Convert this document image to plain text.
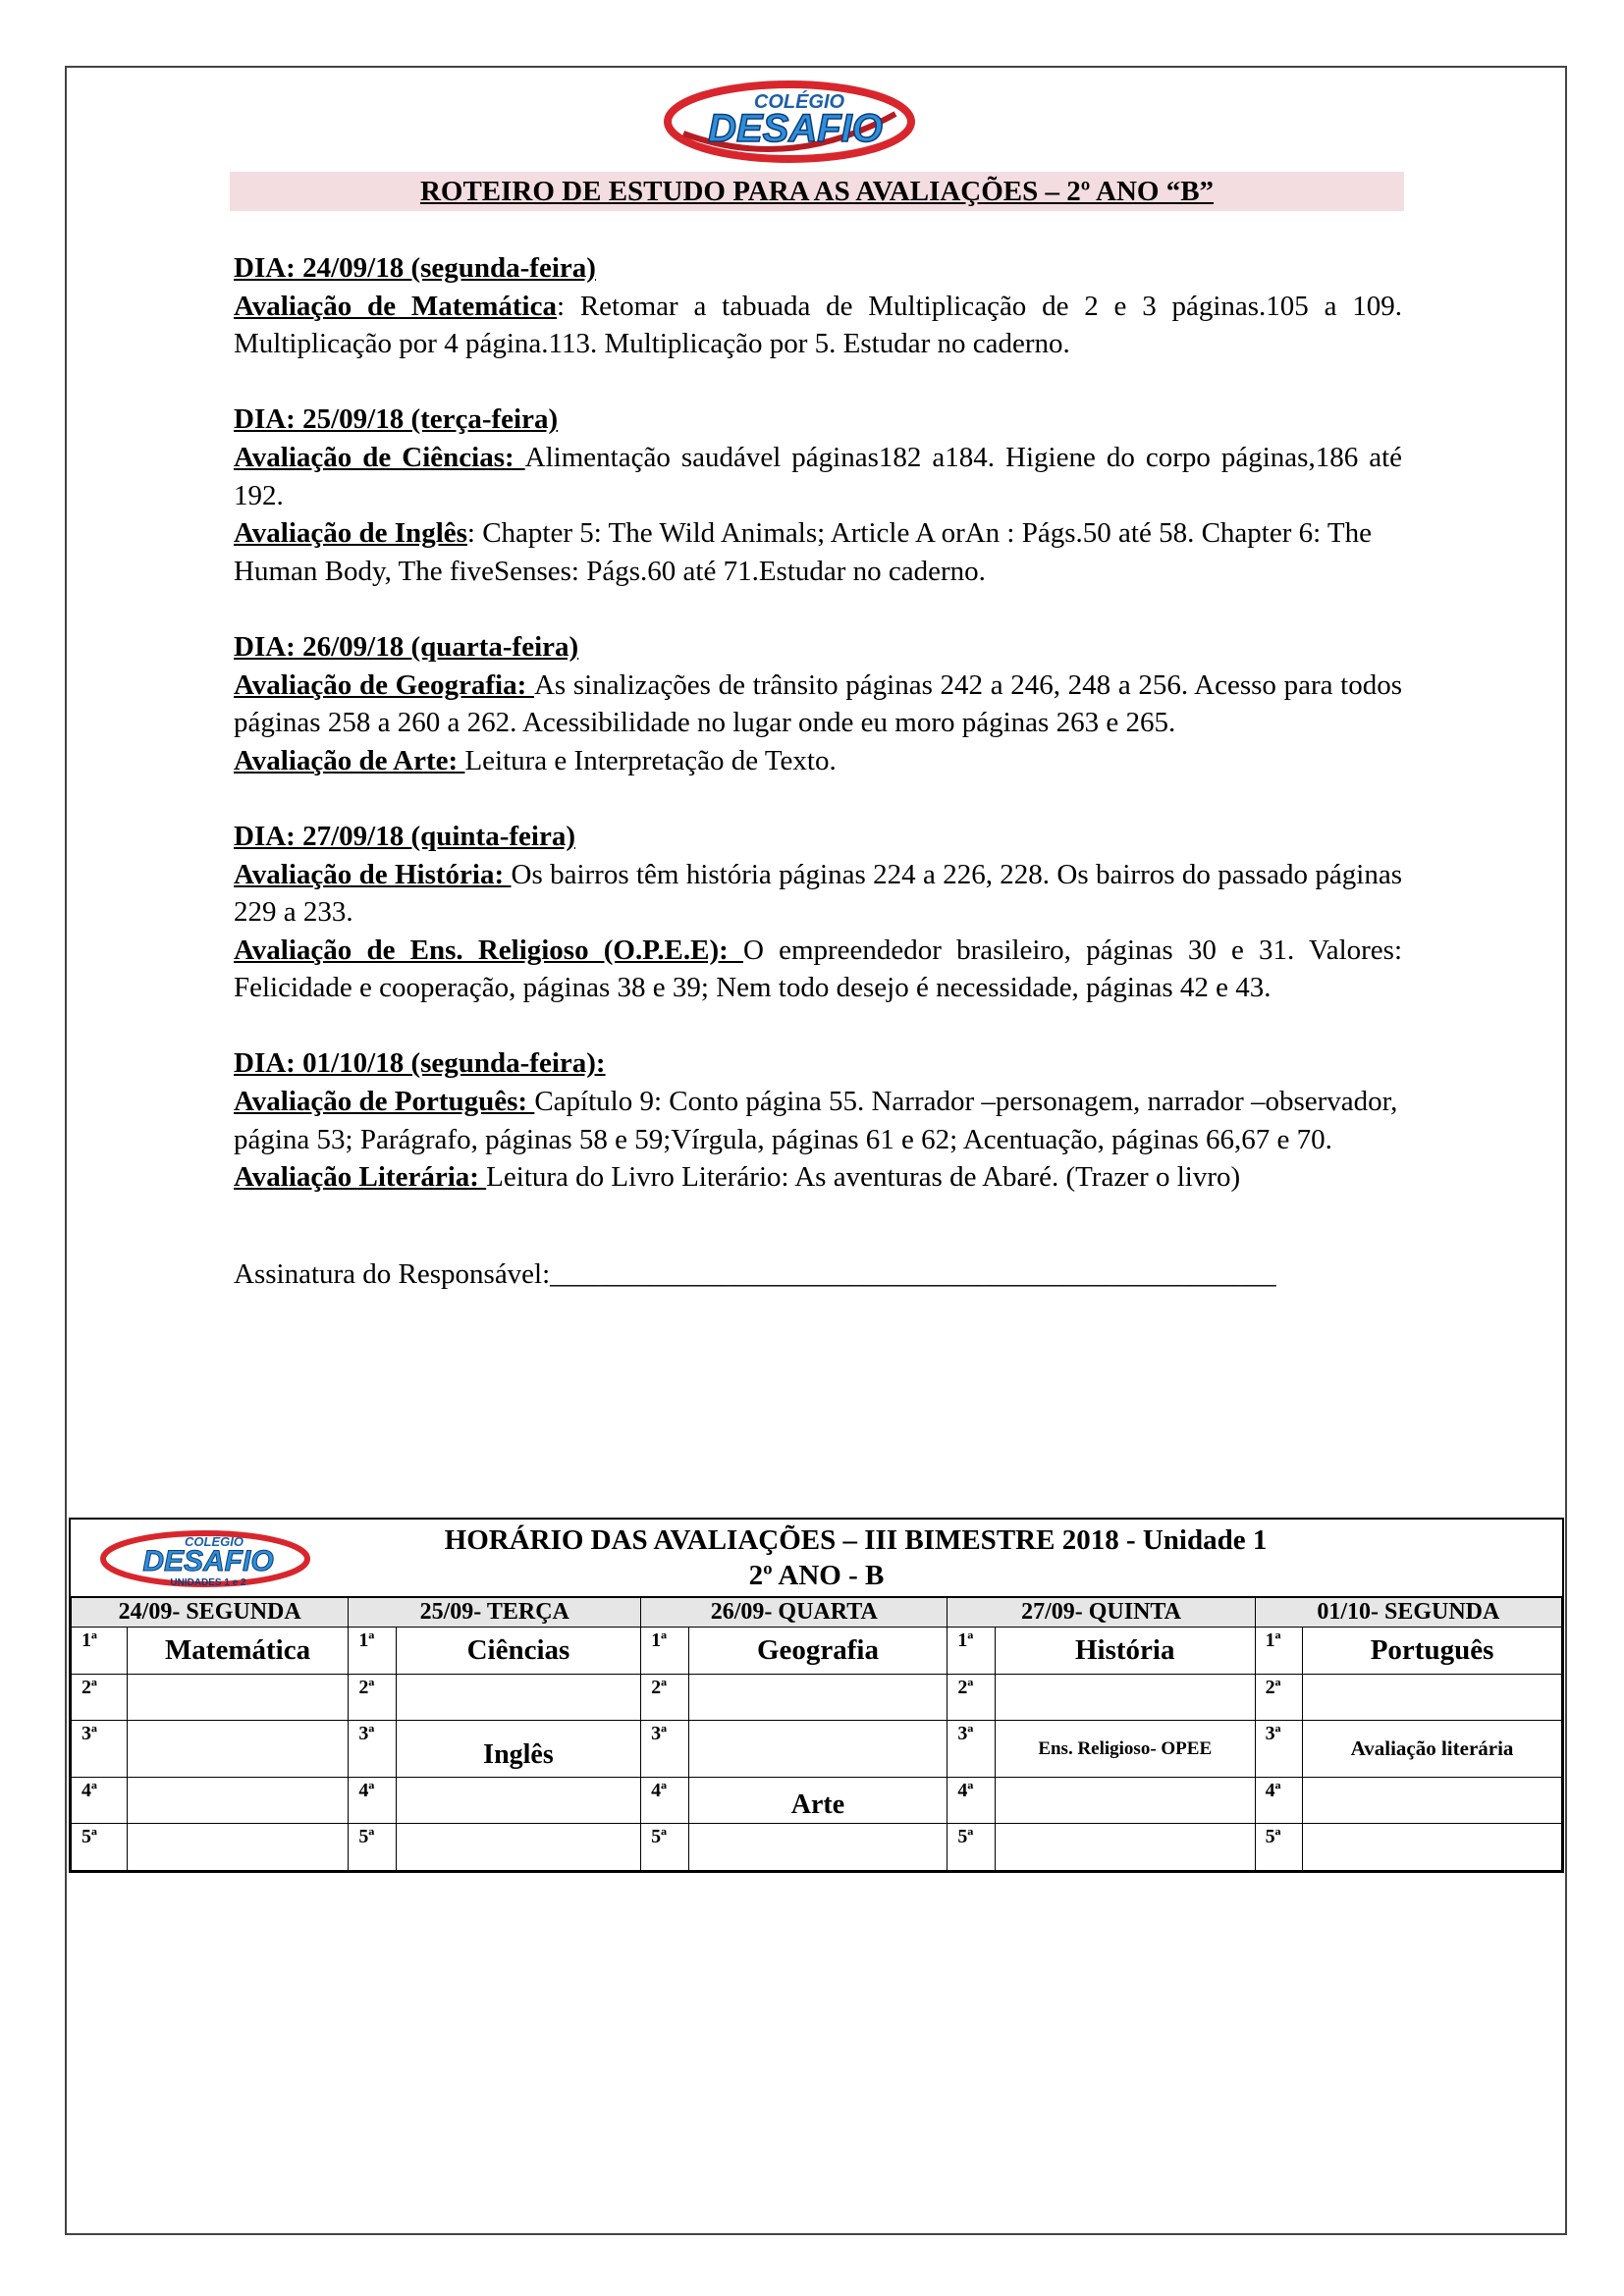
COLÉGIO
DESAFIO
ROTEIRO DE ESTUDO PARA AS AVALIAÇÕES – 2º ANO “B”

DIA: 24/09/18 (segunda-feira)

Avaliação de Matemática: Retomar a tabuada de Multiplicação de 2 e 3 páginas.105 a 109. Multiplicação por 4 página.113. Multiplicação por 5. Estudar no caderno.

DIA: 25/09/18 (terça-feira)

Avaliação de Ciências: Alimentação saudável páginas182 a184. Higiene do corpo páginas,186 até 192.

Avaliação de Inglês: Chapter 5: The Wild Animals; Article A orAn : Págs.50 até 58. Chapter 6: The Human Body, The fiveSenses: Págs.60 até 71.Estudar no caderno.

DIA: 26/09/18 (quarta-feira)

Avaliação de Geografia: As sinalizações de trânsito páginas 242 a 246, 248 a 256. Acesso para todos páginas 258 a 260 a 262. Acessibilidade no lugar onde eu moro páginas 263 e 265.

Avaliação de Arte: Leitura e Interpretação de Texto.

DIA: 27/09/18 (quinta-feira)

Avaliação de História: Os bairros têm história páginas 224 a 226, 228. Os bairros do passado páginas 229 a 233.

Avaliação de Ens. Religioso (O.P.E.E): O empreendedor brasileiro, páginas 30 e 31. Valores: Felicidade e cooperação, páginas 38 e 39; Nem todo desejo é necessidade, páginas 42 e 43.

DIA: 01/10/18 (segunda-feira):

Avaliação de Português: Capítulo 9: Conto página 55. Narrador –personagem, narrador –observador, página 53; Parágrafo, páginas 58 e 59;Vírgula, páginas 61 e 62; Acentuação, páginas 66,67 e 70.

Avaliação Literária: Leitura do Livro Literário: As aventuras de Abaré. (Trazer o livro)

Assinatura do Responsável:___________________________________________________

HORÁRIO DAS AVALIAÇÕES – III BIMESTRE 2018 - Unidade 1
2º ANO - B
24/09- SEGUNDA		25/09- TERÇA		26/09- QUARTA		27/09- QUINTA		01/10- SEGUNDA	
1ª	Matemática	1ª	Ciências	1ª	Geografia	1ª	História	1ª	Português
2ª		2ª		2ª		2ª		2ª	
3ª		3ª	Inglês	3ª		3ª	Ens. Religioso- OPEE	3ª	Avaliação literária
4ª		4ª		4ª	Arte	4ª		4ª	
5ª		5ª		5ª		5ª		5ª	
COLÉGIO
DESAFIO
UNIDADES 1 e 2
